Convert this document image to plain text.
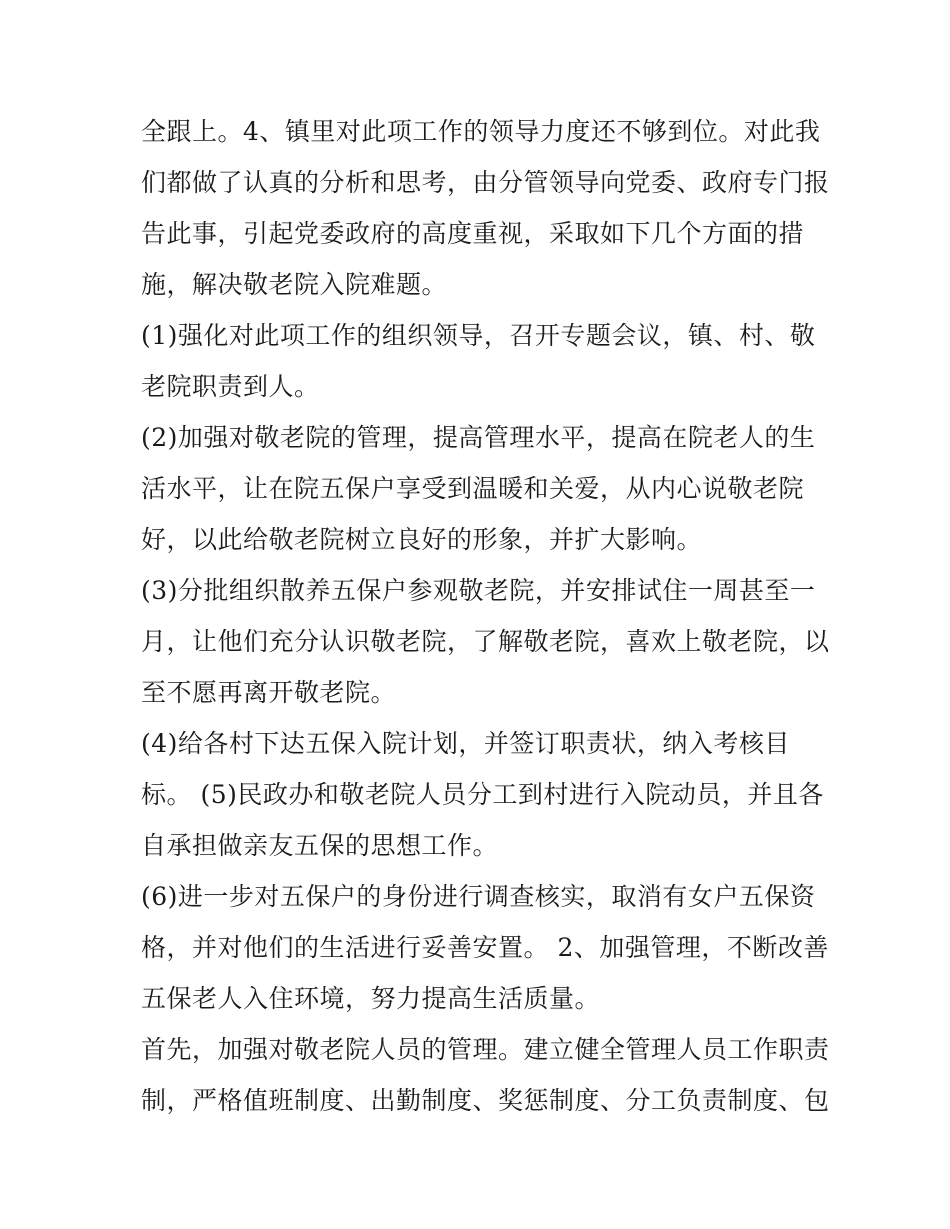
全跟上。4、镇里对此项工作的领导力度还不够到位。对此我
们都做了认真的分析和思考，由分管领导向党委、政府专门报
告此事，引起党委政府的高度重视，采取如下几个方面的措
施，解决敬老院入院难题。
(1)强化对此项工作的组织领导，召开专题会议，镇、村、敬
老院职责到人。
(2)加强对敬老院的管理，提高管理水平，提高在院老人的生
活水平，让在院五保户享受到温暖和关爱，从内心说敬老院
好，以此给敬老院树立良好的形象，并扩大影响。
(3)分批组织散养五保户参观敬老院，并安排试住一周甚至一
月，让他们充分认识敬老院，了解敬老院，喜欢上敬老院，以
至不愿再离开敬老院。
(4)给各村下达五保入院计划，并签订职责状，纳入考核目
标。 (5)民政办和敬老院人员分工到村进行入院动员，并且各
自承担做亲友五保的思想工作。
(6)进一步对五保户的身份进行调查核实，取消有女户五保资
格，并对他们的生活进行妥善安置。 2、加强管理，不断改善
五保老人入住环境，努力提高生活质量。
首先，加强对敬老院人员的管理。建立健全管理人员工作职责
制，严格值班制度、出勤制度、奖惩制度、分工负责制度、包
